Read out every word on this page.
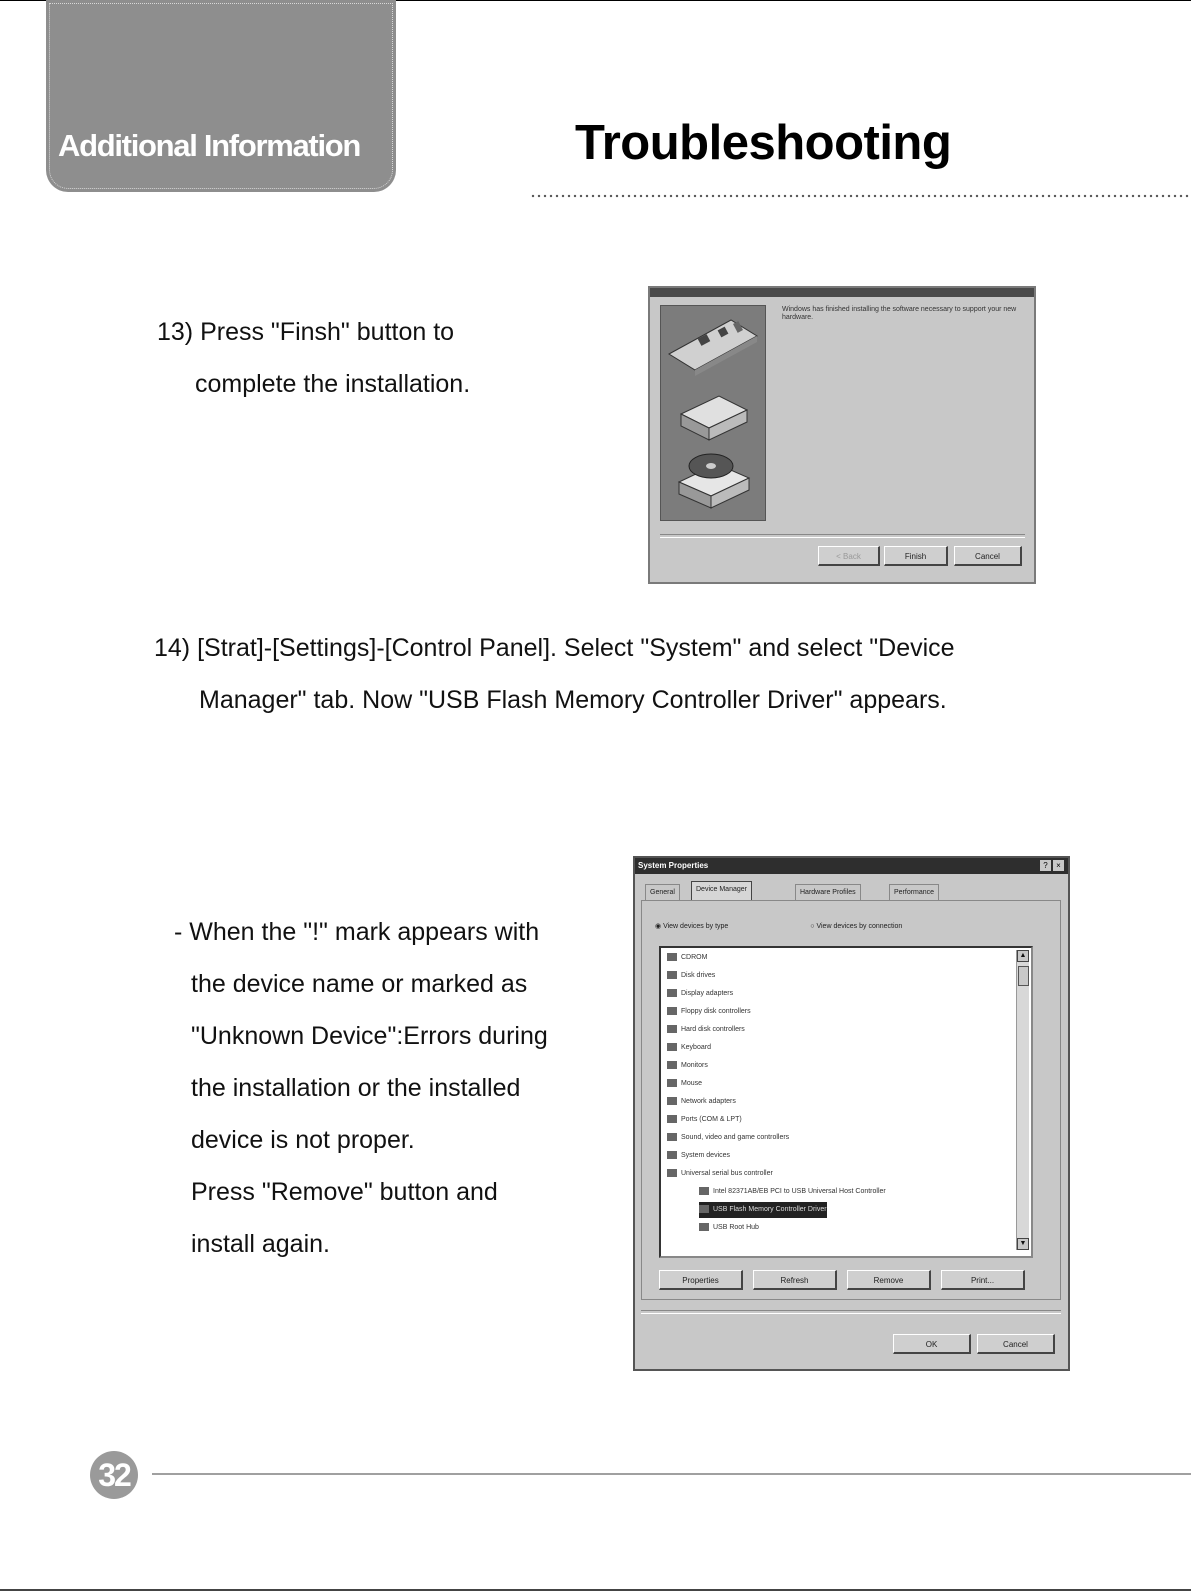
Additional Information	Troubleshooting
13) Press "Finsh" button to
complete the installation.
Windows has finished installing the software necessary to support your new hardware.
< Back	Finish	Cancel
14) [Strat]-[Settings]-[Control Panel]. Select "System" and select "Device
Manager" tab. Now "USB Flash Memory Controller Driver" appears.
- When the "!" mark appears with
the device name or marked as
"Unknown Device":Errors during
the installation or the installed
device is not proper.
Press "Remove" button and
install again.
System Properties	? ×
General	Device Manager	Hardware Profiles	Performance
◉ View devices by type	○ View devices by connection
CDROM
Disk drives
Display adapters
Floppy disk controllers
Hard disk controllers
Keyboard
Monitors
Mouse
Network adapters
Ports (COM & LPT)
Sound, video and game controllers
System devices
Universal serial bus controller
Intel 82371AB/EB PCI to USB Universal Host Controller
USB Flash Memory Controller Driver
USB Root Hub
▲
▼
Properties	Refresh	Remove	Print...
OK	Cancel
32
